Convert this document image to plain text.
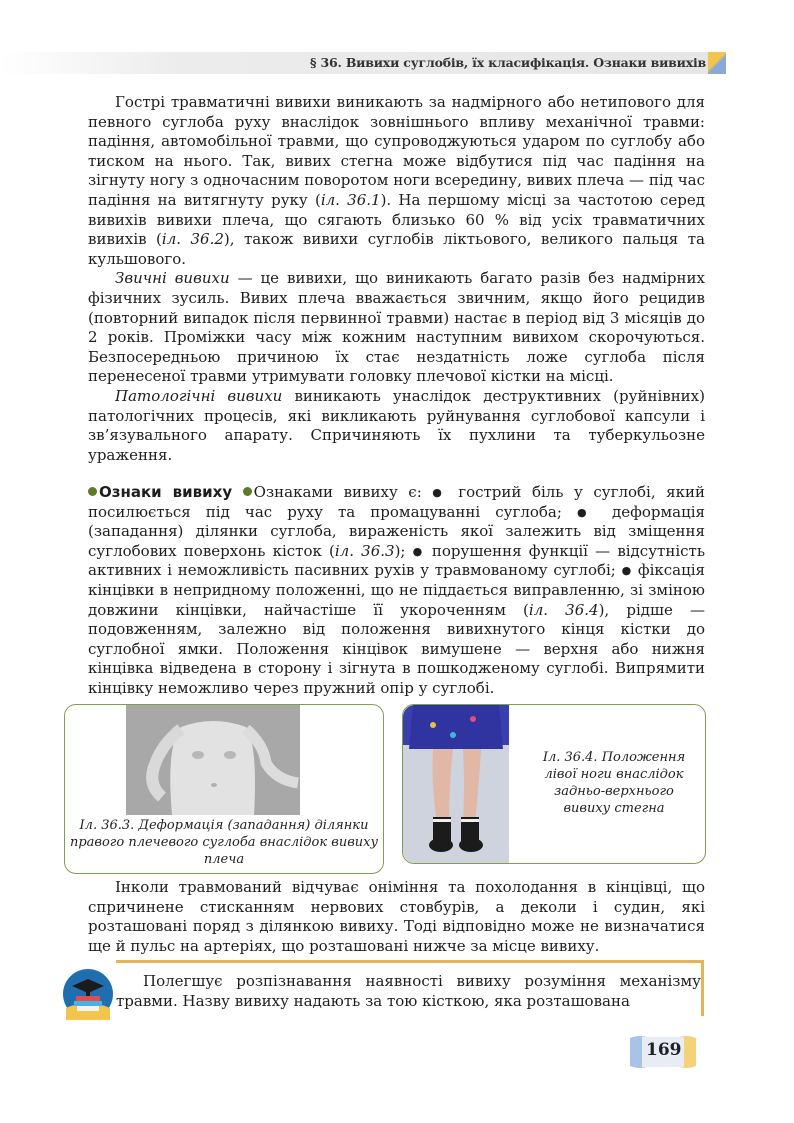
§ 36. Вивихи суглобів, їх класифікація. Ознаки вивихів

Гострі травматичні вивихи виникають за надмірного або нетипового для певного суглоба руху внаслідок зовнішнього впливу механічної травми: падіння, автомобільної травми, що супроводжуються ударом по суглобу або тиском на нього. Так, вивих стегна може відбутися під час падіння на зігнуту ногу з одночасним поворотом ноги всередину, вивих плеча — під час падіння на витягнуту руку (іл. 36.1). На першому місці за частотою серед вивихів вивихи плеча, що сягають близько 60 % від усіх травматичних вивихів (іл. 36.2), також вивихи суглобів ліктьового, великого пальця та кульшового.

Звичні вивихи — це вивихи, що виникають багато разів без надмірних фізичних зусиль. Вивих плеча вважається звичним, якщо його рецидив (повторний випадок після первинної травми) настає в період від 3 місяців до 2 років. Проміжки часу між кожним наступним вивихом скорочуються. Безпосередньою причиною їх стає нездатність ложе суглоба після перенесеної травми утримувати головку плечової кістки на місці.

Патологічні вивихи виникають унаслідок деструктивних (руйнівних) патологічних процесів, які викликають руйнування суглобової капсули і зв’язувального апарату. Спричиняють їх пухлини та туберкульозне ураження.

Ознаки вивиху Ознаками вивиху є: ● гострий біль у суглобі, який посилюється під час руху та промацуванні суглоба; ● деформація (западання) ділянки суглоба, вираженість якої залежить від зміщення суглобових поверхонь кісток (іл. 36.3); ● порушення функції — відсутність активних і неможливість пасивних рухів у травмованому суглобі; ● фіксація кінцівки в непридному положенні, що не піддається виправленню, зі зміною довжини кінцівки, найчастіше її укороченням (іл. 36.4), рідше — подовженням, залежно від положення вивихнутого кінця кістки до суглобної ямки. Положення кінцівок вимушене — верхня або нижня кінцівка відведена в сторону і зігнута в пошкодженому суглобі. Випрямити кінцівку неможливо через пружний опір у суглобі.

Іл. 36.3. Деформація (западання) ділянки правого плечевого суглоба внаслідок вивиху плеча
Іл. 36.4. Положення лівої ноги внаслідок задньо-верхнього вивиху стегна

Інколи травмований відчуває оніміння та похолодання в кінцівці, що спричинене стисканням нервових стовбурів, а деколи і судин, які розташовані поряд з ділянкою вивиху. Тоді відповідно може не визначатися ще й пульс на артеріях, що розташовані нижче за місце вивиху.

Полегшує розпізнавання наявності вивиху розуміння механізму травми. Назву вивиху надають за тою кісткою, яка розташована

169
